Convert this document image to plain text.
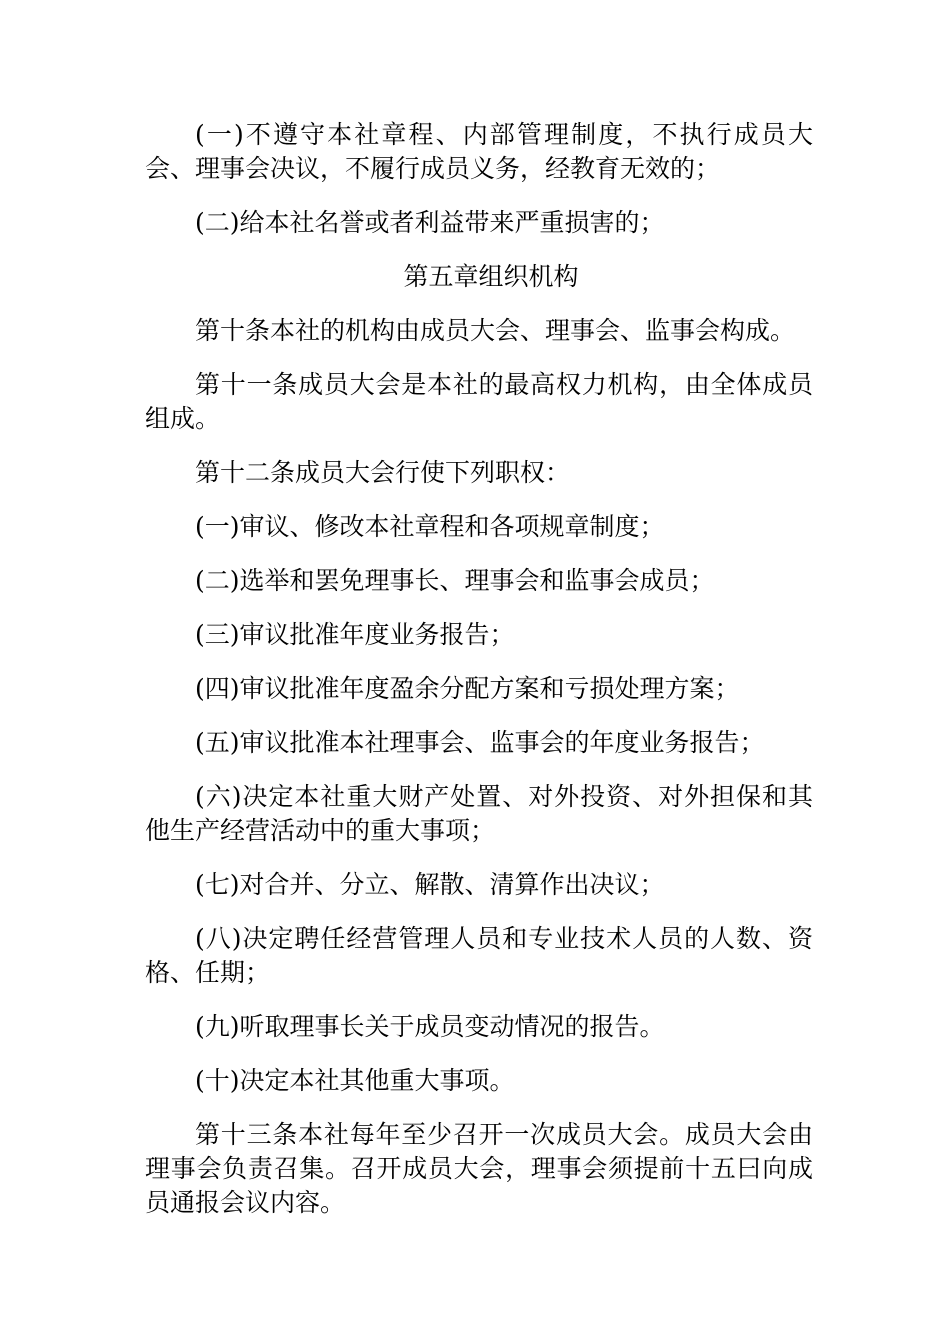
(一)不遵守本社章程、内部管理制度，不执行成员大会、理事会决议，不履行成员义务，经教育无效的；

(二)给本社名誉或者利益带来严重损害的；

第五章组织机构

第十条本社的机构由成员大会、理事会、监事会构成。

第十一条成员大会是本社的最高权力机构，由全体成员组成。

第十二条成员大会行使下列职权：

(一)审议、修改本社章程和各项规章制度；

(二)选举和罢免理事长、理事会和监事会成员；

(三)审议批准年度业务报告；

(四)审议批准年度盈余分配方案和亏损处理方案；

(五)审议批准本社理事会、监事会的年度业务报告；

(六)决定本社重大财产处置、对外投资、对外担保和其他生产经营活动中的重大事项；

(七)对合并、分立、解散、清算作出决议；

(八)决定聘任经营管理人员和专业技术人员的人数、资格、任期；

(九)听取理事长关于成员变动情况的报告。

(十)决定本社其他重大事项。

第十三条本社每年至少召开一次成员大会。成员大会由理事会负责召集。召开成员大会，理事会须提前十五曰向成员通报会议内容。
